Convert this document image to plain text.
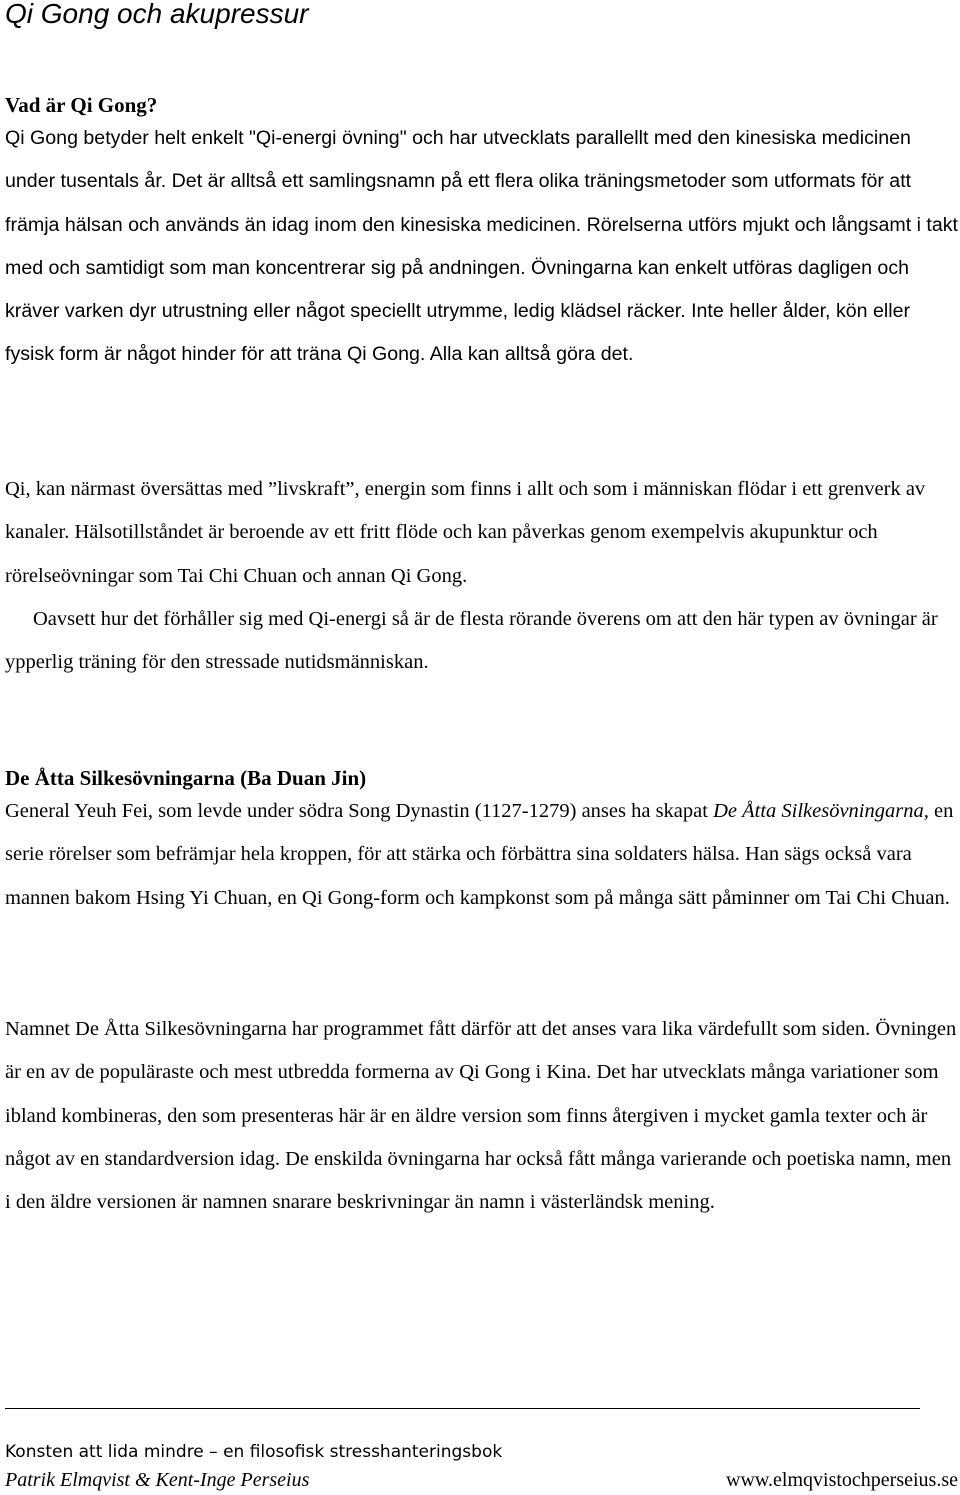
Qi Gong och akupressur
Vad är Qi Gong?

Qi Gong betyder helt enkelt "Qi-energi övning" och har utvecklats parallellt med den kinesiska medicinen under tusentals år. Det är alltså ett samlingsnamn på ett flera olika träningsmetoder som utformats för att främja hälsan och används än idag inom den kinesiska medicinen. Rörelserna utförs mjukt och långsamt i takt med och samtidigt som man koncentrerar sig på andningen. Övningarna kan enkelt utföras dagligen och kräver varken dyr utrustning eller något speciellt utrymme, ledig klädsel räcker. Inte heller ålder, kön eller fysisk form är något hinder för att träna Qi Gong. Alla kan alltså göra det.

Qi, kan närmast översättas med ”livskraft”, energin som finns i allt och som i människan flödar i ett grenverk av kanaler. Hälsotillståndet är beroende av ett fritt flöde och kan påverkas genom exempelvis akupunktur och rörelseövningar som Tai Chi Chuan och annan Qi Gong.

Oavsett hur det förhåller sig med Qi-energi så är de flesta rörande överens om att den här typen av övningar är ypperlig träning för den stressade nutidsmänniskan.

De Åtta Silkesövningarna (Ba Duan Jin)

General Yeuh Fei, som levde under södra Song Dynastin (1127-1279) anses ha skapat De Åtta Silkesövningarna, en serie rörelser som befrämjar hela kroppen, för att stärka och förbättra sina soldaters hälsa. Han sägs också vara mannen bakom Hsing Yi Chuan, en Qi Gong-form och kampkonst som på många sätt påminner om Tai Chi Chuan.

Namnet De Åtta Silkesövningarna har programmet fått därför att det anses vara lika värdefullt som siden. Övningen är en av de populäraste och mest utbredda formerna av Qi Gong i Kina. Det har utvecklats många variationer som ibland kombineras, den som presenteras här är en äldre version som finns återgiven i mycket gamla texter och är något av en standardversion idag. De enskilda övningarna har också fått många varierande och poetiska namn, men i den äldre versionen är namnen snarare beskrivningar än namn i västerländsk mening.

Konsten att lida mindre – en filosofisk stresshanteringsbok
Patrik Elmqvist & Kent-Inge Perseius	www.elmqvistochperseius.se
